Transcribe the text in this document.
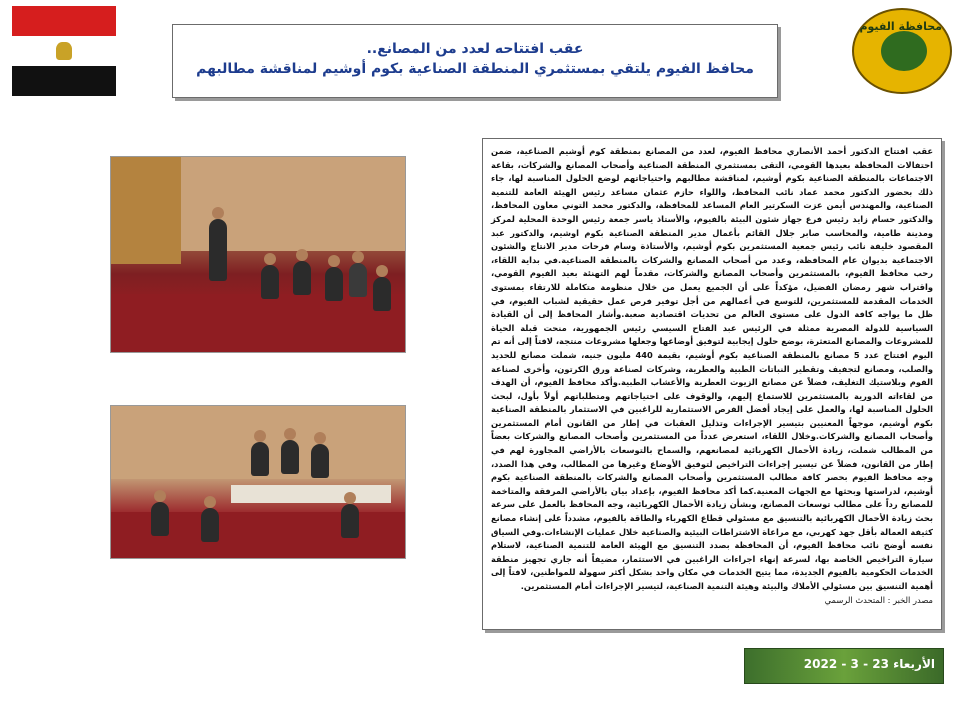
عقب افتتاحه لعدد من المصانع..
محافظ الفيوم يلتقي بمستثمري المنطقة الصناعية بكوم أوشيم لمناقشة مطالبهم
محافظة الفيوم

عقب افتتاح الدكتور أحمد الأنصاري محافظ الفيوم، لعدد من المصانع بمنطقة كوم أوشيم الصناعية، ضمن احتفالات المحافظة بعيدها القومي، التقى بمستثمري المنطقة الصناعية وأصحاب المصانع والشركات، بقاعة الاجتماعات بالمنطقة الصناعية بكوم أوشيم، لمناقشة مطالبهم واحتياجاتهم لوضع الحلول المناسبة لها، جاء ذلك بحضور الدكتور محمد عماد نائب المحافظ، واللواء حازم عثمان مساعد رئيس الهيئة العامة للتنمية الصناعية، والمهندس أيمن عزت السكرتير العام المساعد للمحافظة، والدكتور محمد التوني معاون المحافظ، والدكتور حسام زايد رئيس فرع جهاز شئون البيئة بالفيوم، والأستاذ ياسر جمعة رئيس الوحدة المحلية لمركز ومدينة طامية، والمحاسب صابر جلال القائم بأعمال مدير المنطقة الصناعية بكوم اوشيم، والدكتور عبد المقصود خليفة نائب رئيس جمعية المستثمرين بكوم أوشيم، والأستاذة وسام فرحات مدير الانتاج والشئون الاجتماعية بديوان عام المحافظة، وعدد من أصحاب المصانع والشركات بالمنطقة الصناعية.في بداية اللقاء، رحب محافظ الفيوم، بالمستثمرين وأصحاب المصانع والشركات، مقدماً لهم التهنئة بعيد الفيوم القومي، واقتراب شهر رمضان الفضيل، مؤكداً على أن الجميع يعمل من خلال منظومة متكاملة للارتقاء بمستوى الخدمات المقدمة للمستثمرين، للتوسع في أعمالهم من أجل توفير فرص عمل حقيقية لشباب الفيوم، في ظل ما يواجه كافة الدول على مستوى العالم من تحديات اقتصادية صعبة.وأشار المحافظ إلى أن القيادة السياسية للدولة المصرية ممثلة في الرئيس عبد الفتاح السيسي رئيس الجمهورية، منحت قبلة الحياة للمشروعات والمصانع المتعثرة، بوضع حلول إيجابية لتوفيق أوضاعها وجعلها مشروعات منتجة، لافتاً إلى أنه تم اليوم افتتاح عدد 5 مصانع بالمنطقة الصناعية بكوم أوشيم، بقيمة 440 مليون جنيه، شملت مصانع للحديد والصلب، ومصانع لتجفيف وتقطير النباتات الطبية والعطرية، وشركات لصناعة ورق الكرتون، وأخرى لصناعة الفوم وبلاستيك التغليف، فضلاً عن مصانع الزيوت العطرية والأعشاب الطبية.وأكد محافظ الفيوم، أن الهدف من لقاءاته الدورية بالمستثمرين للاستماع إليهم، والوقوف على احتياجاتهم ومتطلباتهم أولاً بأول، لبحث الحلول المناسبة لها، والعمل على إيجاد أفضل الفرص الاستثمارية للراغبين في الاستثمار بالمنطقة الصناعية بكوم أوشيم، موجهاً المعنيين بتيسير الإجراءات وتذليل العقبات في إطار من القانون أمام المستثمرين وأصحاب المصانع والشركات.وخلال اللقاء، استعرض عدداً من المستثمرين وأصحاب المصانع والشركات بعضاً من المطالب شملت، زيادة الأحمال الكهربائية لمصانعهم، والسماح بالتوسعات بالأراضي المجاورة لهم في إطار من القانون، فضلاً عن تيسير إجراءات التراخيص لتوفيق الأوضاع وغيرها من المطالب، وفي هذا الصدد، وجه محافظ الفيوم بحصر كافة مطالب المستثمرين وأصحاب المصانع والشركات بالمنطقة الصناعية بكوم أوشيم، لدراستها وبحثها مع الجهات المعنية.كما أكد محافظ الفيوم، بإعداد بيان بالأراضي المرفقة والمتاخمة للمصانع رداً على مطالب توسعات المصانع، وبشأن زيادة الأحمال الكهربائية، وجه المحافظ بالعمل على سرعة بحث زيادة الأحمال الكهربائية بالتنسيق مع مسئولي قطاع الكهرباء والطاقة بالفيوم، مشدداً على إنشاء مصانع كثيفة العمالة بأقل جهد كهربي، مع مراعاة الاشتراطات البيئية والصناعية خلال عمليات الإنشاءات.وفي السياق نفسه أوضح نائب محافظ الفيوم، أن المحافظة بصدد التنسيق مع الهيئة العامة للتنمية الصناعية، لاستلام سيارة التراخيص الخاصة بها، لسرعة إنهاء اجراءات الراغبين في الاستثمار، مضيفاً أنه جاري تجهيز منطقة الخدمات الحكومية بالفيوم الجديدة، مما يتيح الخدمات في مكان واحد بشكل أكثر سهولة للمواطنين، لافتاً إلى أهمية التنسيق بين مسئولي الأملاك والبيئة وهيئة التنمية الصناعية، لتيسير الإجراءات أمام المستثمرين.

مصدر الخبر : المتحدث الرسمي

الأربعاء 23 - 3 - 2022
